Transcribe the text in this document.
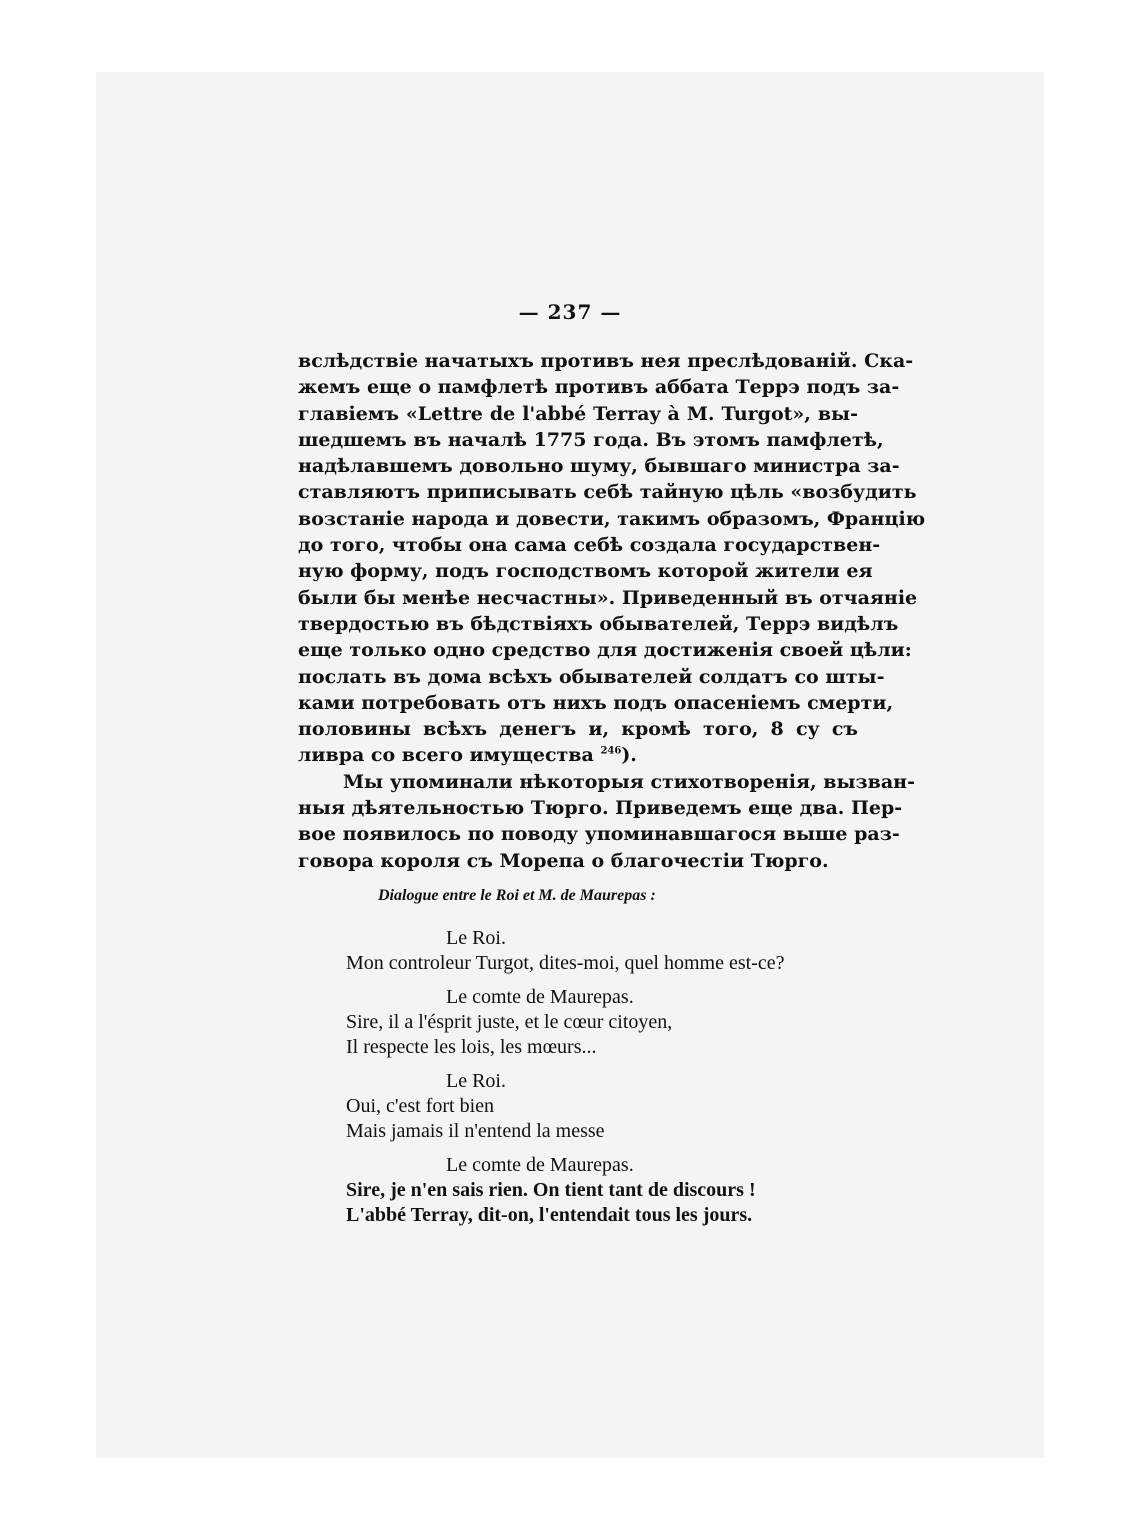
— 237 —
вслѣдствіе начатыхъ противъ нея преслѣдованій. Ска-
жемъ еще о памфлетѣ противъ аббата Террэ подъ за-
главіемъ «Lettre de l'abbé Terray à M. Turgot», вы-
шедшемъ въ началѣ 1775 года. Въ этомъ памфлетѣ,
надѣлавшемъ довольно шуму, бывшаго министра за-
ставляютъ приписывать себѣ тайную цѣль «возбудить
возстаніе народа и довести, такимъ образомъ, Францію
до того, чтобы она сама себѣ создала государствен-
ную форму, подъ господствомъ которой жители ея
были бы менѣе несчастны». Приведенный въ отчаяніе
твердостью въ бѣдствіяхъ обывателей, Террэ видѣлъ
еще только одно средство для достиженія своей цѣли:
послать въ дома всѣхъ обывателей солдатъ со шты-
ками потребовать отъ нихъ подъ опасеніемъ смерти,
половины всѣхъ денегъ и, кромѣ того, 8 су съ
ливра со всего имущества $^{246}$).
Мы упоминали нѣкоторыя стихотворенія, вызван-
ныя дѣятельностью Тюрго. Приведемъ еще два. Пер-
вое появилось по поводу упоминавшагося выше раз-
говора короля съ Морепа о благочестіи Тюрго.
Dialogue entre le Roi et M. de Maurepas :
Le Roi.
Mon controleur Turgot, dites-moi, quel homme est-ce?
Le comte de Maurepas.
Sire, il a l'ésprit juste, et le cœur citoyen,
Il respecte les lois, les mœurs...
Le Roi.
Oui, c'est fort bien
Mais jamais il n'entend la messe
Le comte de Maurepas.
Sire, je n'en sais rien. On tient tant de discours !
L'abbé Terray, dit-on, l'entendait tous les jours.
